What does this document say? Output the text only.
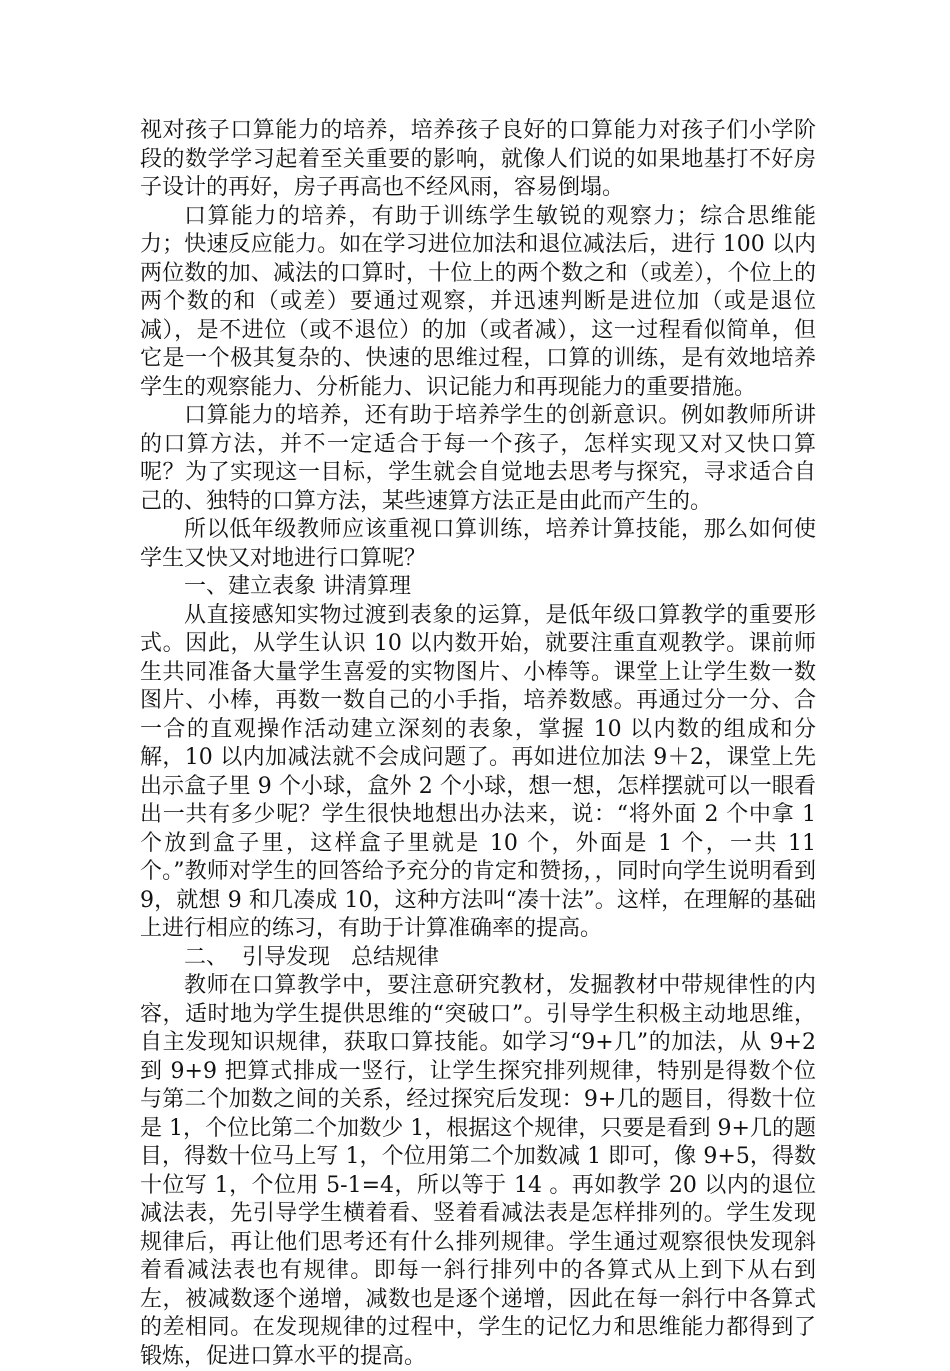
视对孩子口算能力的培养，培养孩子良好的口算能力对孩子们小学阶段的数学学习起着至关重要的影响，就像人们说的如果地基打不好房子设计的再好，房子再高也不经风雨，容易倒塌。

口算能力的培养，有助于训练学生敏锐的观察力；综合思维能力；快速反应能力。如在学习进位加法和退位减法后，进行 100 以内两位数的加、减法的口算时，十位上的两个数之和（或差），个位上的两个数的和（或差）要通过观察，并迅速判断是进位加（或是退位减），是不进位（或不退位）的加（或者减），这一过程看似简单，但它是一个极其复杂的、快速的思维过程，口算的训练，是有效地培养学生的观察能力、分析能力、识记能力和再现能力的重要措施。

口算能力的培养，还有助于培养学生的创新意识。例如教师所讲的口算方法，并不一定适合于每一个孩子，怎样实现又对又快口算呢？为了实现这一目标，学生就会自觉地去思考与探究，寻求适合自己的、独特的口算方法，某些速算方法正是由此而产生的。

所以低年级教师应该重视口算训练，培养计算技能，那么如何使学生又快又对地进行口算呢？

一、建立表象 讲清算理

从直接感知实物过渡到表象的运算，是低年级口算教学的重要形式。因此，从学生认识 10 以内数开始，就要注重直观教学。课前师生共同准备大量学生喜爱的实物图片、小棒等。课堂上让学生数一数图片、小棒，再数一数自己的小手指，培养数感。再通过分一分、合一合的直观操作活动建立深刻的表象，掌握 10 以内数的组成和分解，10 以内加减法就不会成问题了。再如进位加法 9＋2，课堂上先出示盒子里 9 个小球，盒外 2 个小球，想一想，怎样摆就可以一眼看出一共有多少呢？学生很快地想出办法来，说：“将外面 2 个中拿 1 个放到盒子里，这样盒子里就是 10 个，外面是 1 个，一共 11 个。”教师对学生的回答给予充分的肯定和赞扬，，同时向学生说明看到 9，就想 9 和几凑成 10，这种方法叫“凑十法”。这样，在理解的基础上进行相应的练习，有助于计算准确率的提高。

二、  引导发现   总结规律

教师在口算教学中，要注意研究教材，发掘教材中带规律性的内容，适时地为学生提供思维的“突破口”。引导学生积极主动地思维，自主发现知识规律，获取口算技能。如学习“9+几”的加法，从 9+2 到 9+9 把算式排成一竖行，让学生探究排列规律，特别是得数个位与第二个加数之间的关系，经过探究后发现：9+几的题目，得数十位是 1，个位比第二个加数少 1，根据这个规律，只要是看到 9+几的题目，得数十位马上写 1，个位用第二个加数减 1 即可，像 9+5，得数十位写 1，个位用 5-1=4，所以等于 14 。再如教学 20 以内的退位减法表，先引导学生横着看、竖着看减法表是怎样排列的。学生发现规律后，再让他们思考还有什么排列规律。学生通过观察很快发现斜着看减法表也有规律。即每一斜行排列中的各算式从上到下从右到左，被减数逐个递增，减数也是逐个递增，因此在每一斜行中各算式的差相同。在发现规律的过程中，学生的记忆力和思维能力都得到了锻炼，促进口算水平的提高。
